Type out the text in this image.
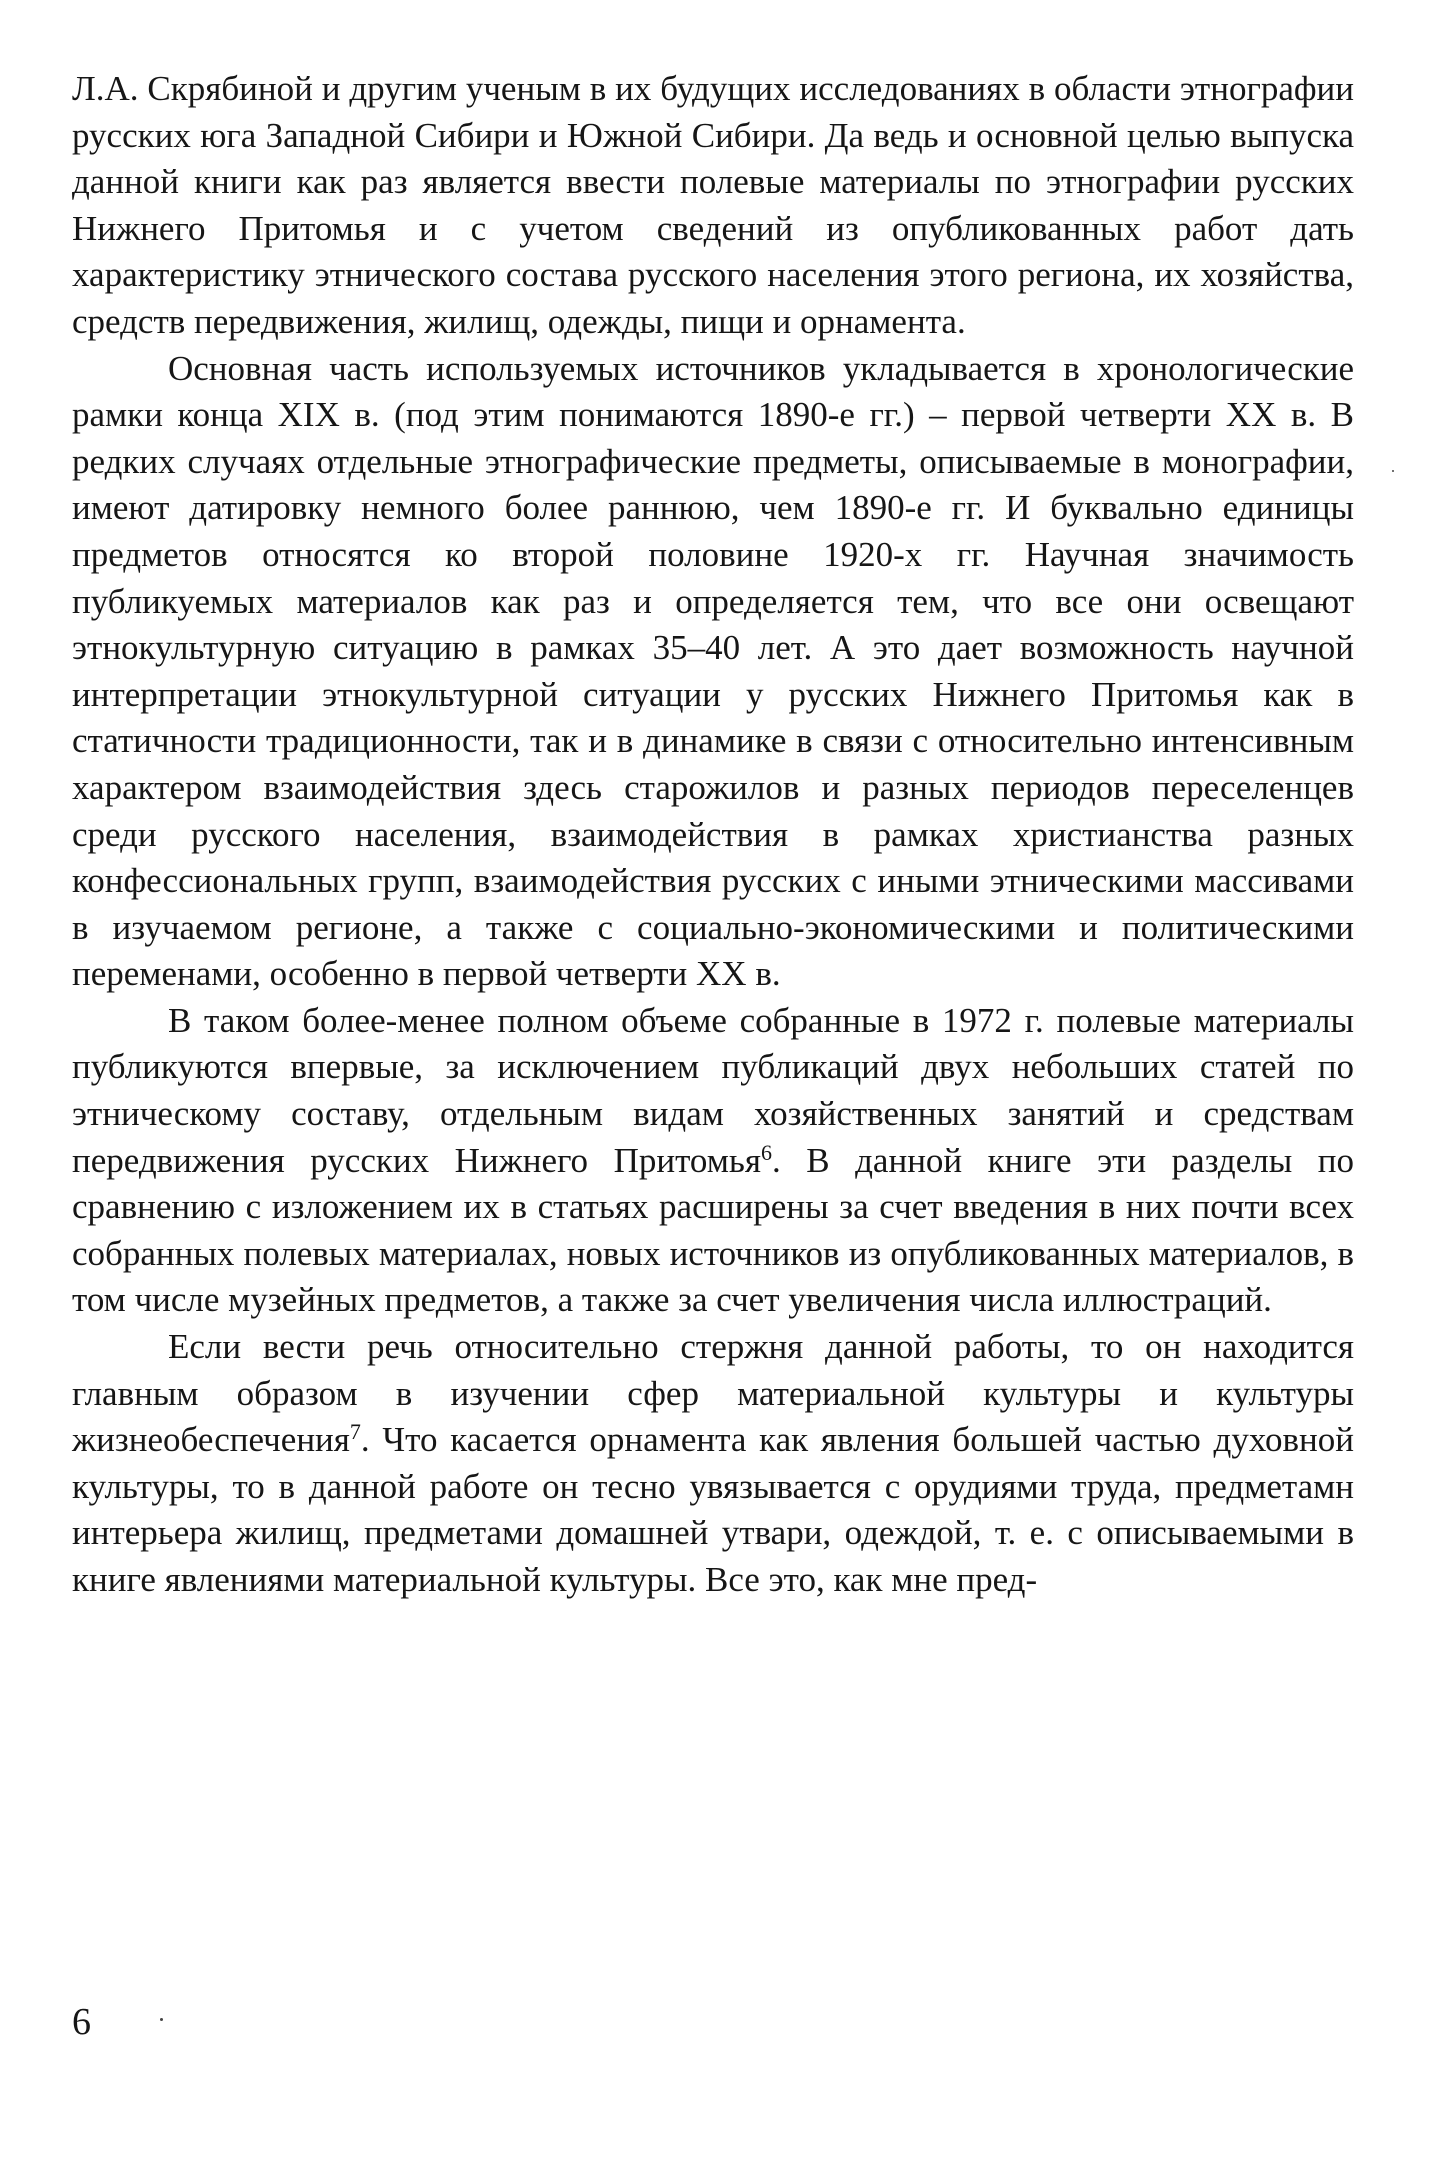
Л.А. Скрябиной и другим ученым в их будущих исследованиях в области этнографии русских юга Западной Сибири и Южной Сибири. Да ведь и основной целью выпуска данной книги как раз является ввести полевые материалы по этнографии русских Нижнего Притомья и с учетом сведений из опубликованных работ дать характеристику этнического состава русского населения этого региона, их хозяйства, средств передвижения, жилищ, одежды, пищи и орнамента.

Основная часть используемых источников укладывается в хронологические рамки конца XIX в. (под этим понимаются 1890-е гг.) – первой четверти XX в. В редких случаях отдельные этнографические предметы, описываемые в монографии, имеют датировку немного более раннюю, чем 1890-е гг. И буквально единицы предметов относятся ко второй половине 1920-х гг. Научная значимость публикуемых материалов как раз и определяется тем, что все они освещают этнокультурную ситуацию в рамках 35–40 лет. А это дает возможность научной интерпретации этнокультурной ситуации у русских Нижнего Притомья как в статичности традиционности, так и в динамике в связи с относительно интенсивным характером взаимодействия здесь старожилов и разных периодов переселенцев среди русского населения, взаимодействия в рамках христианства разных конфессиональных групп, взаимодействия русских с иными этническими массивами в изучаемом регионе, а также с социально-экономическими и политическими переменами, особенно в первой четверти XX в.

В таком более-менее полном объеме собранные в 1972 г. полевые материалы публикуются впервые, за исключением публикаций двух небольших статей по этническому составу, отдельным видам хозяйственных занятий и средствам передвижения русских Нижнего Притомья$^6$. В данной книге эти разделы по сравнению с изложением их в статьях расширены за счет введения в них почти всех собранных полевых материалах, новых источников из опубликованных материалов, в том числе музейных предметов, а также за счет увеличения числа иллюстраций.

Если вести речь относительно стержня данной работы, то он находится главным образом в изучении сфер материальной культуры и культуры жизнеобеспечения$^7$. Что касается орнамента как явления большей частью духовной культуры, то в данной работе он тесно увязывается с орудиями труда, предметамн интерьера жилищ, предметами домашней утвари, одеждой, т. е. с описываемыми в книге явлениями материальной культуры. Все это, как мне пред-

6
